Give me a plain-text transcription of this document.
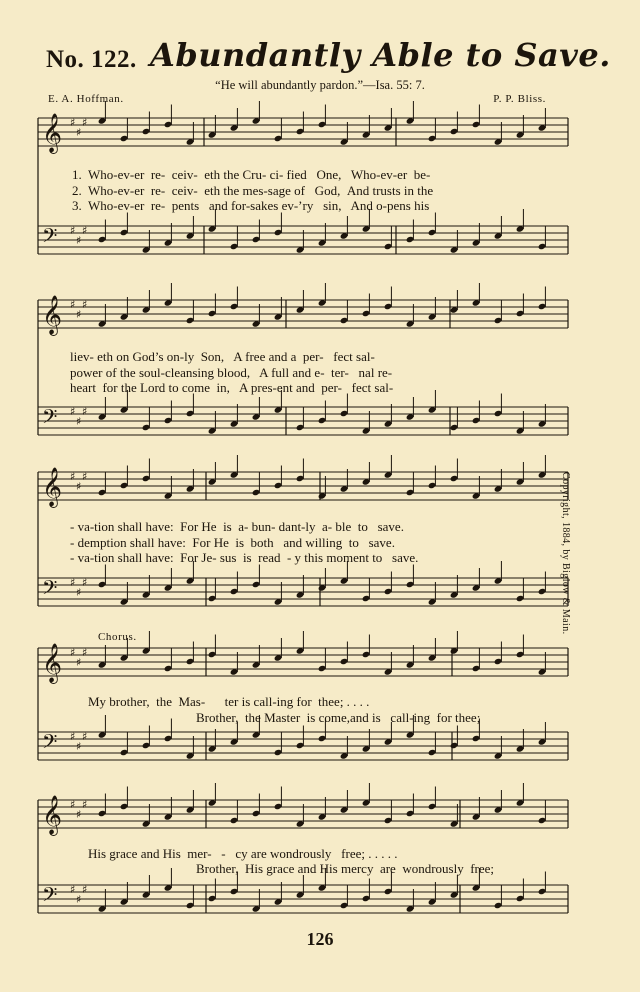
No. 122. Abundantly Able to Save.
“He will abundantly pardon.”—Isa. 55: 7.
E. A. Hoffman.	P. P. Bliss.
𝄞 ♯
♯
♯
𝄢 ♯
♯
♯
𝄞 ♯
♯
♯
𝄢 ♯
♯
♯
𝄞 ♯
♯
♯
𝄢 ♯
♯
♯
𝄞 ♯
♯
♯
𝄢 ♯
♯
♯
𝄞 ♯
♯
♯
𝄢 ♯
♯
♯
1.  Who-ev-er  re-  ceiv-  eth the Cru- ci- fied   One,   Who-ev-er  be-
2.  Who-ev-er  re-  ceiv-  eth the mes-sage of   God,  And trusts in the
3.  Who-ev-er  re-  pents   and for-sakes ev-’ry   sin,   And o-pens his
liev- eth on God’s on-ly  Son,   A free and a  per-   fect sal-
power of the soul-cleansing blood,   A full and e-  ter-   nal re-
heart  for the Lord to come  in,   A pres-ent and  per-   fect sal-
- va-tion shall have:  For He  is  a- bun- dant-ly  a- ble  to   save.
- demption shall have:  For He  is  both   and willing  to   save.
- va-tion shall have:  For Je- sus  is  read  - y this moment to   save.
Chorus.
My brother,  the  Mas-      ter is call-ing for  thee; . . . .
Brother,  the Master  is come,and is   call-ing  for thee;
His grace and His  mer-   -   cy are wondrously   free; . . . . .
Brother,  His grace and His mercy  are  wondrously  free;
Copyright, 1884, by Biglow & Main.
126
